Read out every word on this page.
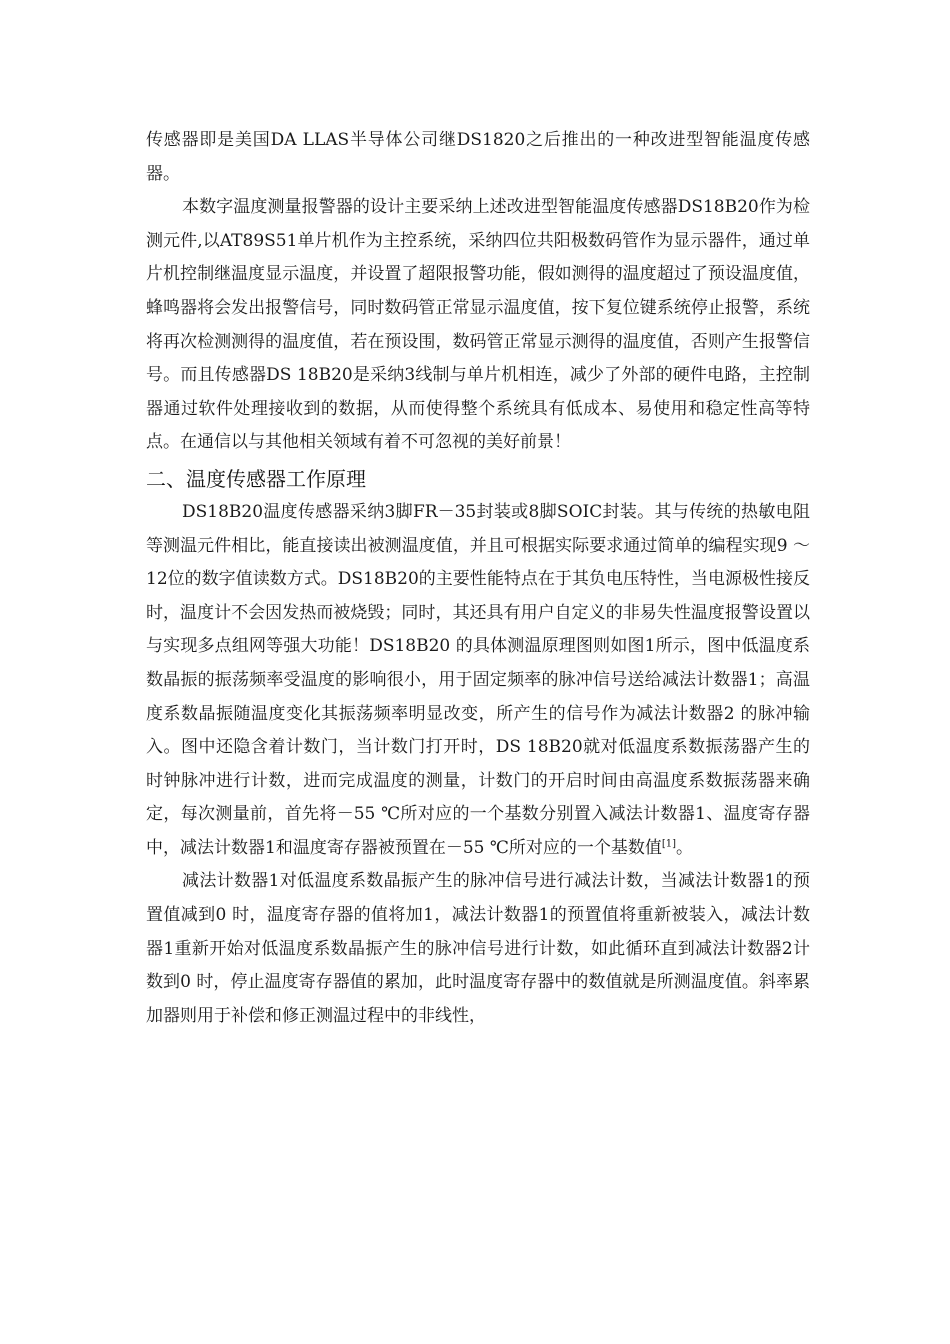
传感器即是美国DA LLAS半导体公司继DS1820之后推出的一种改进型智能温度传感器。

本数字温度测量报警器的设计主要采纳上述改进型智能温度传感器DS18B20作为检测元件,以AT89S51单片机作为主控系统，采纳四位共阳极数码管作为显示器件，通过单片机控制继温度显示温度，并设置了超限报警功能，假如测得的温度超过了预设温度值，蜂鸣器将会发出报警信号，同时数码管正常显示温度值，按下复位键系统停止报警，系统将再次检测测得的温度值，若在预设围，数码管正常显示测得的温度值，否则产生报警信号。而且传感器DS 18B20是采纳3线制与单片机相连，减少了外部的硬件电路，主控制器通过软件处理接收到的数据，从而使得整个系统具有低成本、易使用和稳定性高等特点。在通信以与其他相关领域有着不可忽视的美好前景！

二、温度传感器工作原理

DS18B20温度传感器采纳3脚FR－35封装或8脚SOIC封装。其与传统的热敏电阻等测温元件相比，能直接读出被测温度值，并且可根据实际要求通过简单的编程实现9 ～12位的数字值读数方式。DS18B20的主要性能特点在于其负电压特性，当电源极性接反时，温度计不会因发热而被烧毁；同时，其还具有用户自定义的非易失性温度报警设置以与实现多点组网等强大功能！DS18B20 的具体测温原理图则如图1所示，图中低温度系数晶振的振荡频率受温度的影响很小，用于固定频率的脉冲信号送给减法计数器1；高温度系数晶振随温度变化其振荡频率明显改变，所产生的信号作为减法计数器2 的脉冲输入。图中还隐含着计数门，当计数门打开时，DS 18B20就对低温度系数振荡器产生的时钟脉冲进行计数，进而完成温度的测量，计数门的开启时间由高温度系数振荡器来确定，每次测量前，首先将－55 ℃所对应的一个基数分别置入减法计数器1、温度寄存器中，减法计数器1和温度寄存器被预置在－55 ℃所对应的一个基数值[1]。

减法计数器1对低温度系数晶振产生的脉冲信号进行减法计数，当减法计数器1的预置值减到0 时，温度寄存器的值将加1，减法计数器1的预置值将重新被装入，减法计数器1重新开始对低温度系数晶振产生的脉冲信号进行计数，如此循环直到减法计数器2计数到0 时，停止温度寄存器值的累加，此时温度寄存器中的数值就是所测温度值。斜率累加器则用于补偿和修正测温过程中的非线性，
